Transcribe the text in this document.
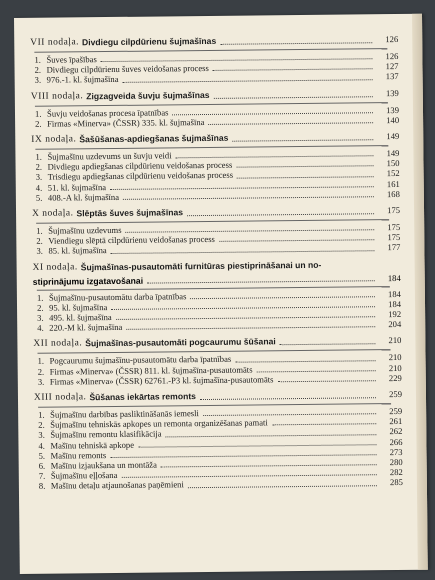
VII nodaļa. Divdiegu cilpdūrienu šujmašīnas	126
1. Šuves īpašības	126
2. Divdiegu cilpdūrienu šuves veidošanas process	127
3. 976.-1. kl. šujmašīna	137
VIII nodaļa. Zigzagveida šuvju šujmašīnas	139
1. Šuvju veidošanas procesa īpatnības	139
2. Firmas «Minerva» (ČSSR) 335. kl. šujmašīna	140
IX nodaļa. Šašūšanas-apdiegšanas šujmašīnas	149
1. Šujmašīnu uzdevums un šuvju veidi	149
2. Divdiegu apdiegšanas cilpdūrienu veidošanas process	150
3. Trisdiegu apdiegšanas cilpdūrienu veidošanas process	152
4. 51. kl. šujmašīna	161
5. 408.-A kl. šujmašīna	168
X nodaļa. Slēptās šuves šujmašīnas	175
1. Šujmašīnu uzdevums	175
2. Viendiegu slēptā cilpdūrienu veidošanas process	175
3. 85. kl. šujmašīna	177
XI nodaļa. Šujmašīnas-pusautomāti furnitūras piestiprināšanai un no-
stiprinājumu izgatavošanai	184
1. Šujmašīnu-pusautomātu darba īpatnības	184
2. 95. kl. šujmašīna	184
3. 495. kl. šujmašīna	192
4. 220.-M kl. šujmašīna	204
XII nodaļa. Šujmašīnas-pusautomāti pogcaurumu šūšanai	210
1. Pogcaurumu šujmašīnu-pusautomātu darba īpatnības	210
2. Firmas «Minerva» (ČSSR) 811. kl. šujmašīna-pusautomāts	210
3. Firmas «Minerva» (ČSSR) 62761.-P3 kl. šujmašīna-pusautomāts	229
XIII nodaļa. Šūšanas iekārtas remonts	259
1. Šujmašīnu darbības pasliktināšanās iemesli	259
2. Šujmašīnu tehniskās apkopes un remonta organizēšanas pamati	261
3. Šujmašīnu remontu klasifikācija	262
4. Mašīnu tehniskā apkope	266
5. Mašīnu remonts	273
6. Mašīnu izjaukšana un montāža	280
7. Šujmašīnu eļļošana	282
8. Mašīnu detaļu atjaunošanas paņēmieni	285
